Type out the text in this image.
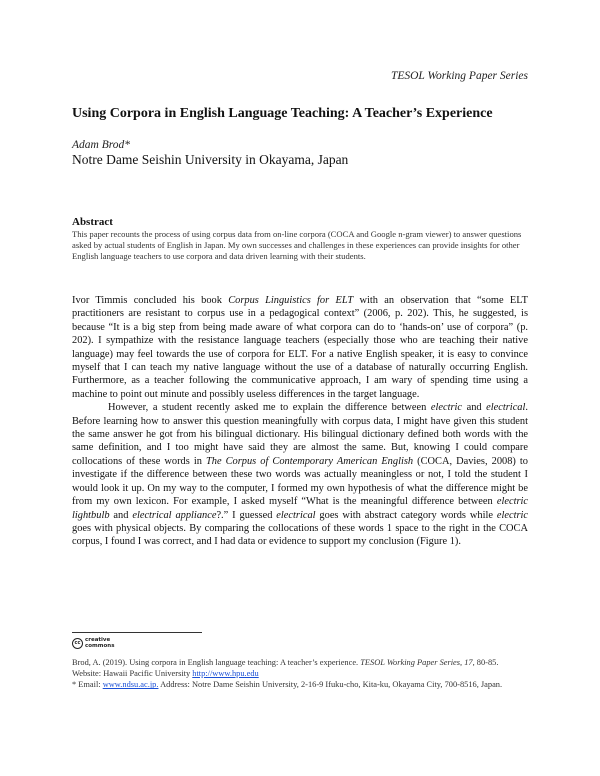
TESOL Working Paper Series
Using Corpora in English Language Teaching: A Teacher’s Experience
Adam Brod*
Notre Dame Seishin University in Okayama, Japan
Abstract
This paper recounts the process of using corpus data from on-line corpora (COCA and Google n-gram viewer) to answer questions asked by actual students of English in Japan. My own successes and challenges in these experiences can provide insights for other English language teachers to use corpora and data driven learning with their students.

Ivor Timmis concluded his book Corpus Linguistics for ELT with an observation that “some ELT practitioners are resistant to corpus use in a pedagogical context” (2006, p. 202). This, he suggested, is because “It is a big step from being made aware of what corpora can do to ‘hands-on’ use of corpora” (p. 202). I sympathize with the resistance language teachers (especially those who are teaching their native language) may feel towards the use of corpora for ELT. For a native English speaker, it is easy to convince myself that I can teach my native language without the use of a database of naturally occurring English. Furthermore, as a teacher following the communicative approach, I am wary of spending time using a machine to point out minute and possibly useless differences in the target language.

However, a student recently asked me to explain the difference between electric and electrical. Before learning how to answer this question meaningfully with corpus data, I might have given this student the same answer he got from his bilingual dictionary. His bilingual dictionary defined both words with the same definition, and I too might have said they are almost the same. But, knowing I could compare collocations of these words in The Corpus of Contemporary American English (COCA, Davies, 2008) to investigate if the difference between these two words was actually meaningless or not, I told the student I would look it up. On my way to the computer, I formed my own hypothesis of what the difference might be from my own lexicon. For example, I asked myself “What is the meaningful difference between electric lightbulb and electrical appliance?.” I guessed electrical goes with abstract category words while electric goes with physical objects. By comparing the collocations of these words 1 space to the right in the COCA corpus, I found I was correct, and I had data or evidence to support my conclusion (Figure 1).

cc creative
commons
Brod, A. (2019). Using corpora in English language teaching: A teacher’s experience. TESOL Working Paper Series, 17, 80-85.
Website: Hawaii Pacific University http://www.hpu.edu
* Email: www.ndsu.ac.jp. Address: Notre Dame Seishin University, 2-16-9 Ifuku-cho, Kita-ku, Okayama City, 700-8516, Japan.
